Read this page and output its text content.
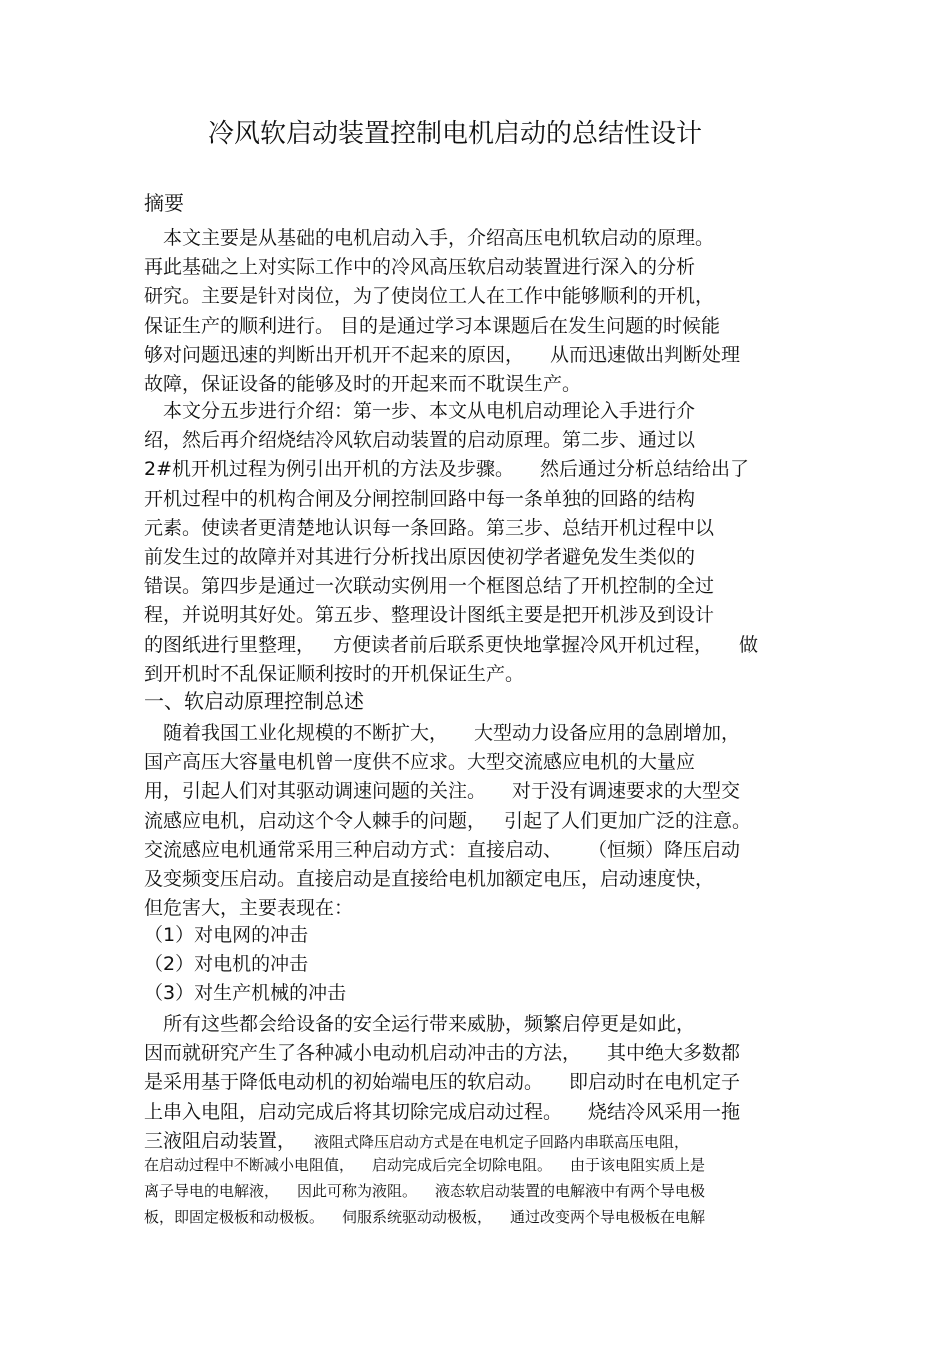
冷风软启动装置控制电机启动的总结性设计
摘要
　本文主要是从基础的电机启动入手，介绍高压电机软启动的原理。
再此基础之上对实际工作中的冷风高压软启动装置进行深入的分析
研究。主要是针对岗位，为了使岗位工人在工作中能够顺利的开机，
保证生产的顺利进行。 目的是通过学习本课题后在发生问题的时候能
够对问题迅速的判断出开机开不起来的原因， 从而迅速做出判断处理
故障，保证设备的能够及时的开起来而不耽误生产。
　本文分五步进行介绍：第一步、本文从电机启动理论入手进行介
绍，然后再介绍烧结冷风软启动装置的启动原理。第二步、通过以
2#机开机过程为例引出开机的方法及步骤。 然后通过分析总结给出了
开机过程中的机构合闸及分闸控制回路中每一条单独的回路的结构
元素。使读者更清楚地认识每一条回路。第三步、总结开机过程中以
前发生过的故障并对其进行分析找出原因使初学者避免发生类似的
错误。第四步是通过一次联动实例用一个框图总结了开机控制的全过
程，并说明其好处。第五步、整理设计图纸主要是把开机涉及到设计
的图纸进行里整理， 方便读者前后联系更快地掌握冷风开机过程， 做
到开机时不乱保证顺利按时的开机保证生产。
一、软启动原理控制总述
　随着我国工业化规模的不断扩大， 大型动力设备应用的急剧增加，
国产高压大容量电机曾一度供不应求。大型交流感应电机的大量应
用，引起人们对其驱动调速问题的关注。 对于没有调速要求的大型交
流感应电机，启动这个令人棘手的问题， 引起了人们更加广泛的注意。
交流感应电机通常采用三种启动方式：直接启动、 （恒频）降压启动
及变频变压启动。直接启动是直接给电机加额定电压，启动速度快，
但危害大，主要表现在：
（1）对电网的冲击
（2）对电机的冲击
（3）对生产机械的冲击
　所有这些都会给设备的安全运行带来威胁，频繁启停更是如此，
因而就研究产生了各种减小电动机启动冲击的方法， 其中绝大多数都
是采用基于降低电动机的初始端电压的软启动。 即启动时在电机定子
上串入电阻，启动完成后将其切除完成启动过程。 烧结冷风采用一拖
三液阻启动装置， 液阻式降压启动方式是在电机定子回路内串联高压电阻，
在启动过程中不断减小电阻值， 启动完成后完全切除电阻。 由于该电阻实质上是
离子导电的电解液， 因此可称为液阻。 液态软启动装置的电解液中有两个导电极
板，即固定极板和动极板。 伺服系统驱动动极板， 通过改变两个导电极板在电解
